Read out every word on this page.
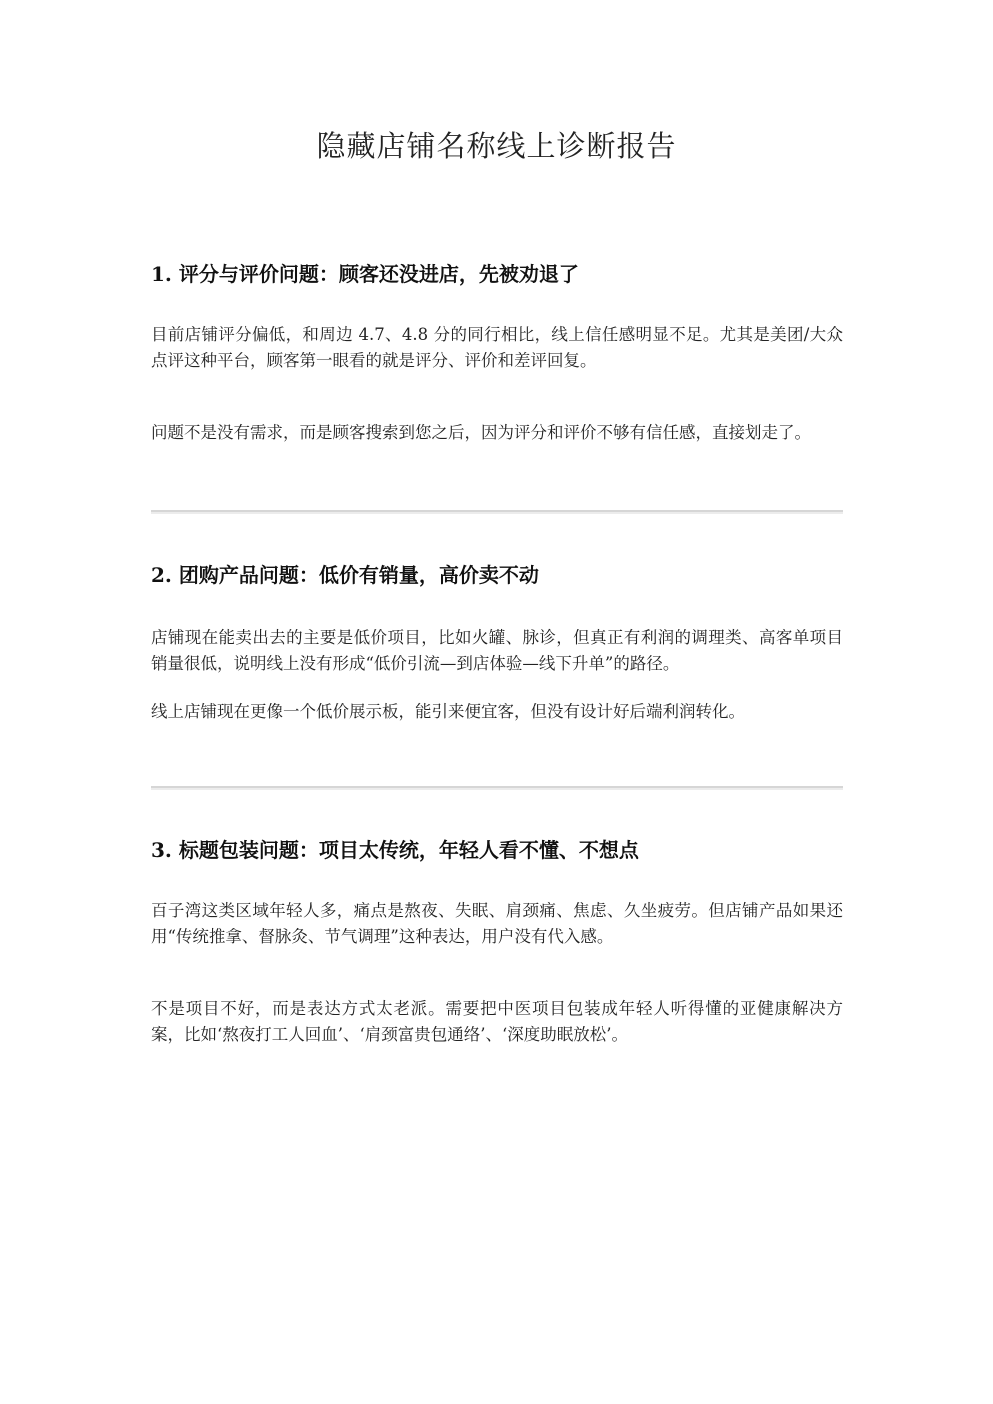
隐藏店铺名称线上诊断报告
1. 评分与评价问题：顾客还没进店，先被劝退了

目前店铺评分偏低，和周边 4.7、4.8 分的同行相比，线上信任感明显不足。尤其是美团/大众点评这种平台，顾客第一眼看的就是评分、评价和差评回复。

问题不是没有需求，而是顾客搜索到您之后，因为评分和评价不够有信任感，直接划走了。

2. 团购产品问题：低价有销量，高价卖不动

店铺现在能卖出去的主要是低价项目，比如火罐、脉诊，但真正有利润的调理类、高客单项目销量很低，说明线上没有形成“低价引流—到店体验—线下升单”的路径。

线上店铺现在更像一个低价展示板，能引来便宜客，但没有设计好后端利润转化。

3. 标题包装问题：项目太传统，年轻人看不懂、不想点

百子湾这类区域年轻人多，痛点是熬夜、失眠、肩颈痛、焦虑、久坐疲劳。但店铺产品如果还用“传统推拿、督脉灸、节气调理”这种表达，用户没有代入感。

不是项目不好，而是表达方式太老派。需要把中医项目包装成年轻人听得懂的亚健康解决方案，比如‘熬夜打工人回血’、‘肩颈富贵包通络’、‘深度助眠放松’。
